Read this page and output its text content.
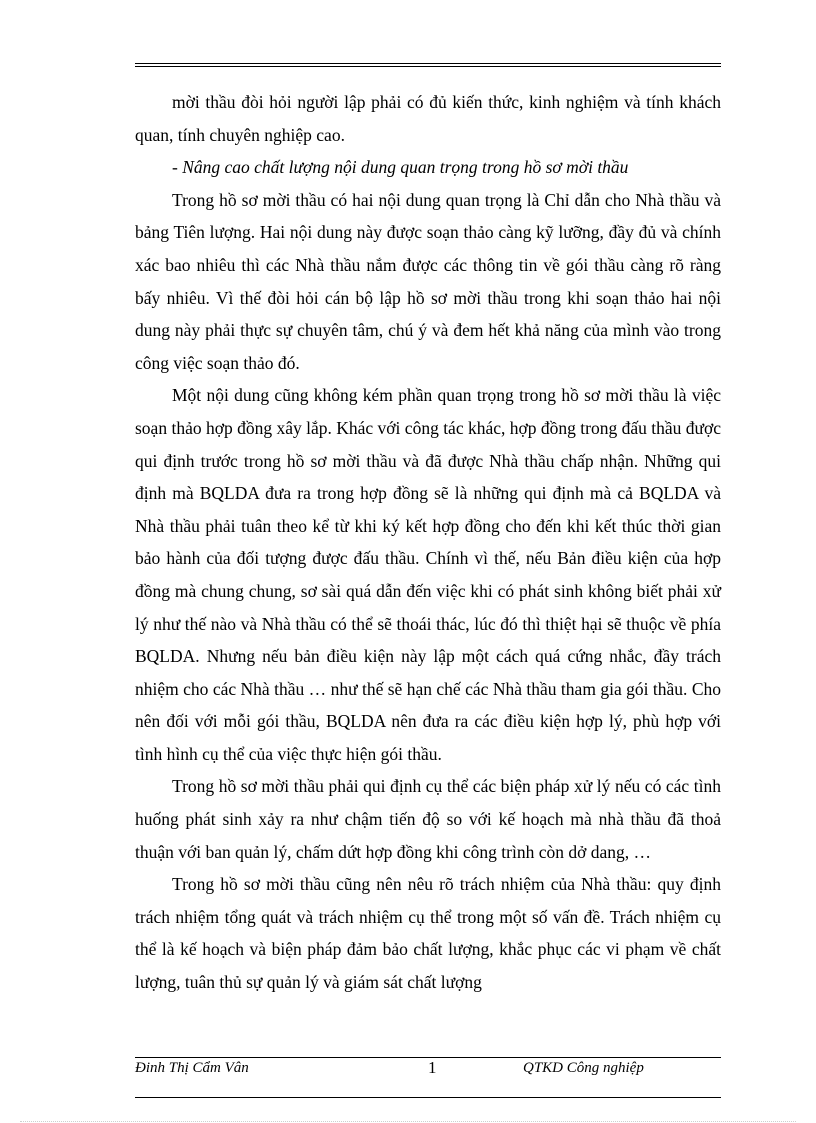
mời thầu đòi hỏi người lập phải có đủ kiến thức, kinh nghiệm và tính khách quan, tính chuyên nghiệp cao.

- Nâng cao chất lượng nội dung quan trọng trong hồ sơ mời thầu

Trong hồ sơ mời thầu có hai nội dung quan trọng là Chỉ dẫn cho Nhà thầu và bảng Tiên lượng. Hai nội dung này được soạn thảo càng kỹ lưỡng, đầy đủ và chính xác bao nhiêu thì các Nhà thầu nắm được các thông tin về gói thầu càng rõ ràng bấy nhiêu. Vì thế đòi hỏi cán bộ lập hồ sơ mời thầu trong khi soạn thảo hai nội dung này phải thực sự chuyên tâm, chú ý và đem hết khả năng của mình vào trong công việc soạn thảo đó.

Một nội dung cũng không kém phần quan trọng trong hồ sơ mời thầu là việc soạn thảo hợp đồng xây lắp. Khác với công tác khác, hợp đồng trong đấu thầu được qui định trước trong hồ sơ mời thầu và đã được Nhà thầu chấp nhận. Những qui định mà BQLDA đưa ra trong hợp đồng sẽ là những qui định mà cả BQLDA và Nhà thầu phải tuân theo kể từ khi ký kết hợp đồng cho đến khi kết thúc thời gian bảo hành của đối tượng được đấu thầu. Chính vì thế, nếu Bản điều kiện của hợp đồng mà chung chung, sơ sài quá dẫn đến việc khi có phát sinh không biết phải xử lý như thế nào và Nhà thầu có thể sẽ thoái thác, lúc đó thì thiệt hại sẽ thuộc về phía BQLDA. Nhưng nếu bản điều kiện này lập một cách quá cứng nhắc, đầy trách nhiệm cho các Nhà thầu … như thế sẽ hạn chế các Nhà thầu tham gia gói thầu. Cho nên đối với mỗi gói thầu, BQLDA nên đưa ra các điều kiện hợp lý, phù hợp với tình hình cụ thể của việc thực hiện gói thầu.

Trong hồ sơ mời thầu phải qui định cụ thể các biện pháp xử lý nếu có các tình huống phát sinh xảy ra như chậm tiến độ so với kế hoạch mà nhà thầu đã thoả thuận với ban quản lý, chấm dứt hợp đồng khi công trình còn dở dang, …

Trong hồ sơ mời thầu cũng nên nêu rõ trách nhiệm của Nhà thầu: quy định trách nhiệm tổng quát và trách nhiệm cụ thể trong một số vấn đề. Trách nhiệm cụ thể là kế hoạch và biện pháp đảm bảo chất lượng, khắc phục các vi phạm về chất lượng, tuân thủ sự quản lý và giám sát chất lượng

Đinh Thị Cẩm Vân	1	QTKD Công nghiệp
